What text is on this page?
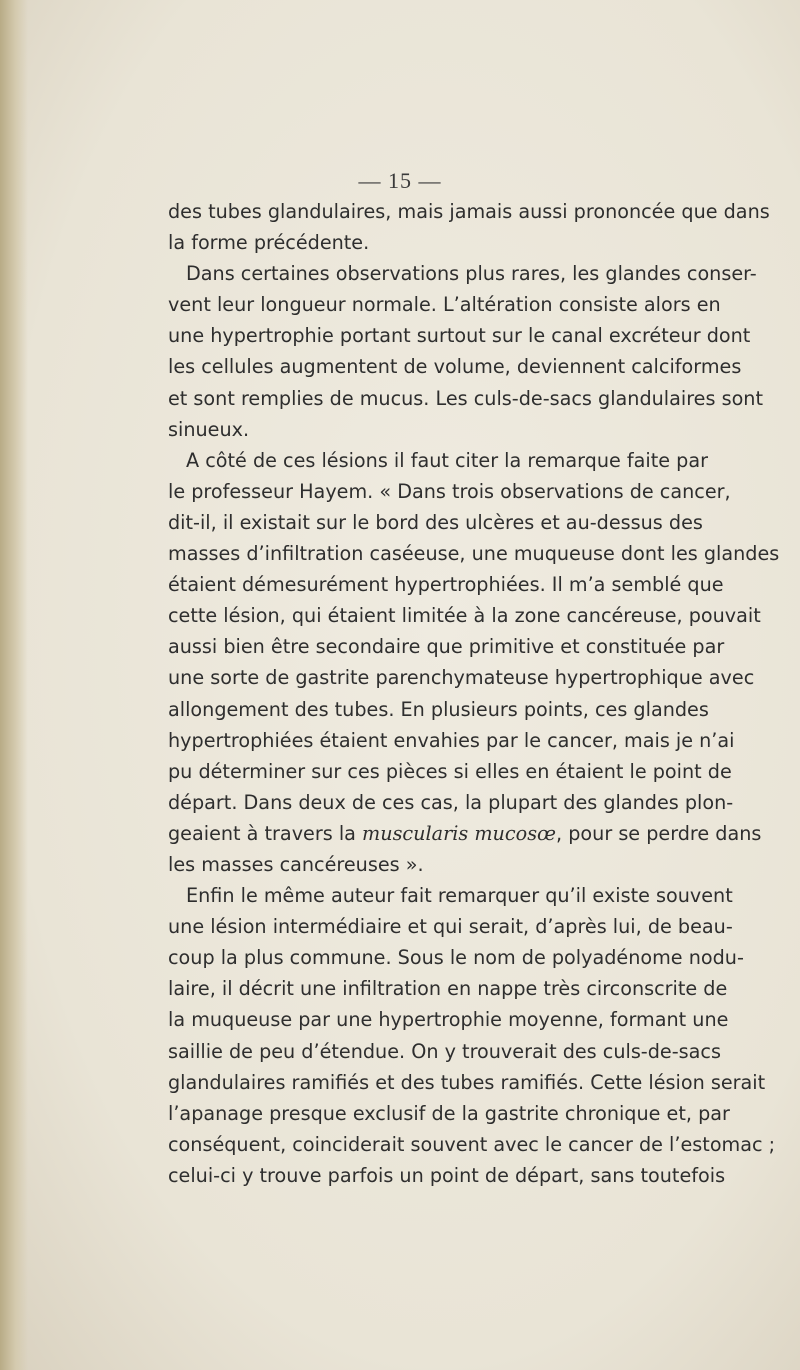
— 15 —
des tubes glandulaires, mais jamais aussi prononcée que dans
la forme précédente.
Dans certaines observations plus rares, les glandes conser-
vent leur longueur normale. L’altération consiste alors en
une hypertrophie portant surtout sur le canal excréteur dont
les cellules augmentent de volume, deviennent calciformes
et sont remplies de mucus. Les culs-de-sacs glandulaires sont
sinueux.
A côté de ces lésions il faut citer la remarque faite par
le professeur Hayem. « Dans trois observations de cancer,
dit-il, il existait sur le bord des ulcères et au-dessus des
masses d’infiltration caséeuse, une muqueuse dont les glandes
étaient démesurément hypertrophiées. Il m’a semblé que
cette lésion, qui étaient limitée à la zone cancéreuse, pouvait
aussi bien être secondaire que primitive et constituée par
une sorte de gastrite parenchymateuse hypertrophique avec
allongement des tubes. En plusieurs points, ces glandes
hypertrophiées étaient envahies par le cancer, mais je n’ai
pu déterminer sur ces pièces si elles en étaient le point de
départ. Dans deux de ces cas, la plupart des glandes plon-
geaient à travers la muscularis mucosœ, pour se perdre dans
les masses cancéreuses ».
Enfin le même auteur fait remarquer qu’il existe souvent
une lésion intermédiaire et qui serait, d’après lui, de beau-
coup la plus commune. Sous le nom de polyadénome nodu-
laire, il décrit une infiltration en nappe très circonscrite de
la muqueuse par une hypertrophie moyenne, formant une
saillie de peu d’étendue. On y trouverait des culs-de-sacs
glandulaires ramifiés et des tubes ramifiés. Cette lésion serait
l’apanage presque exclusif de la gastrite chronique et, par
conséquent, coinciderait souvent avec le cancer de l’estomac ;
celui-ci y trouve parfois un point de départ, sans toutefois
